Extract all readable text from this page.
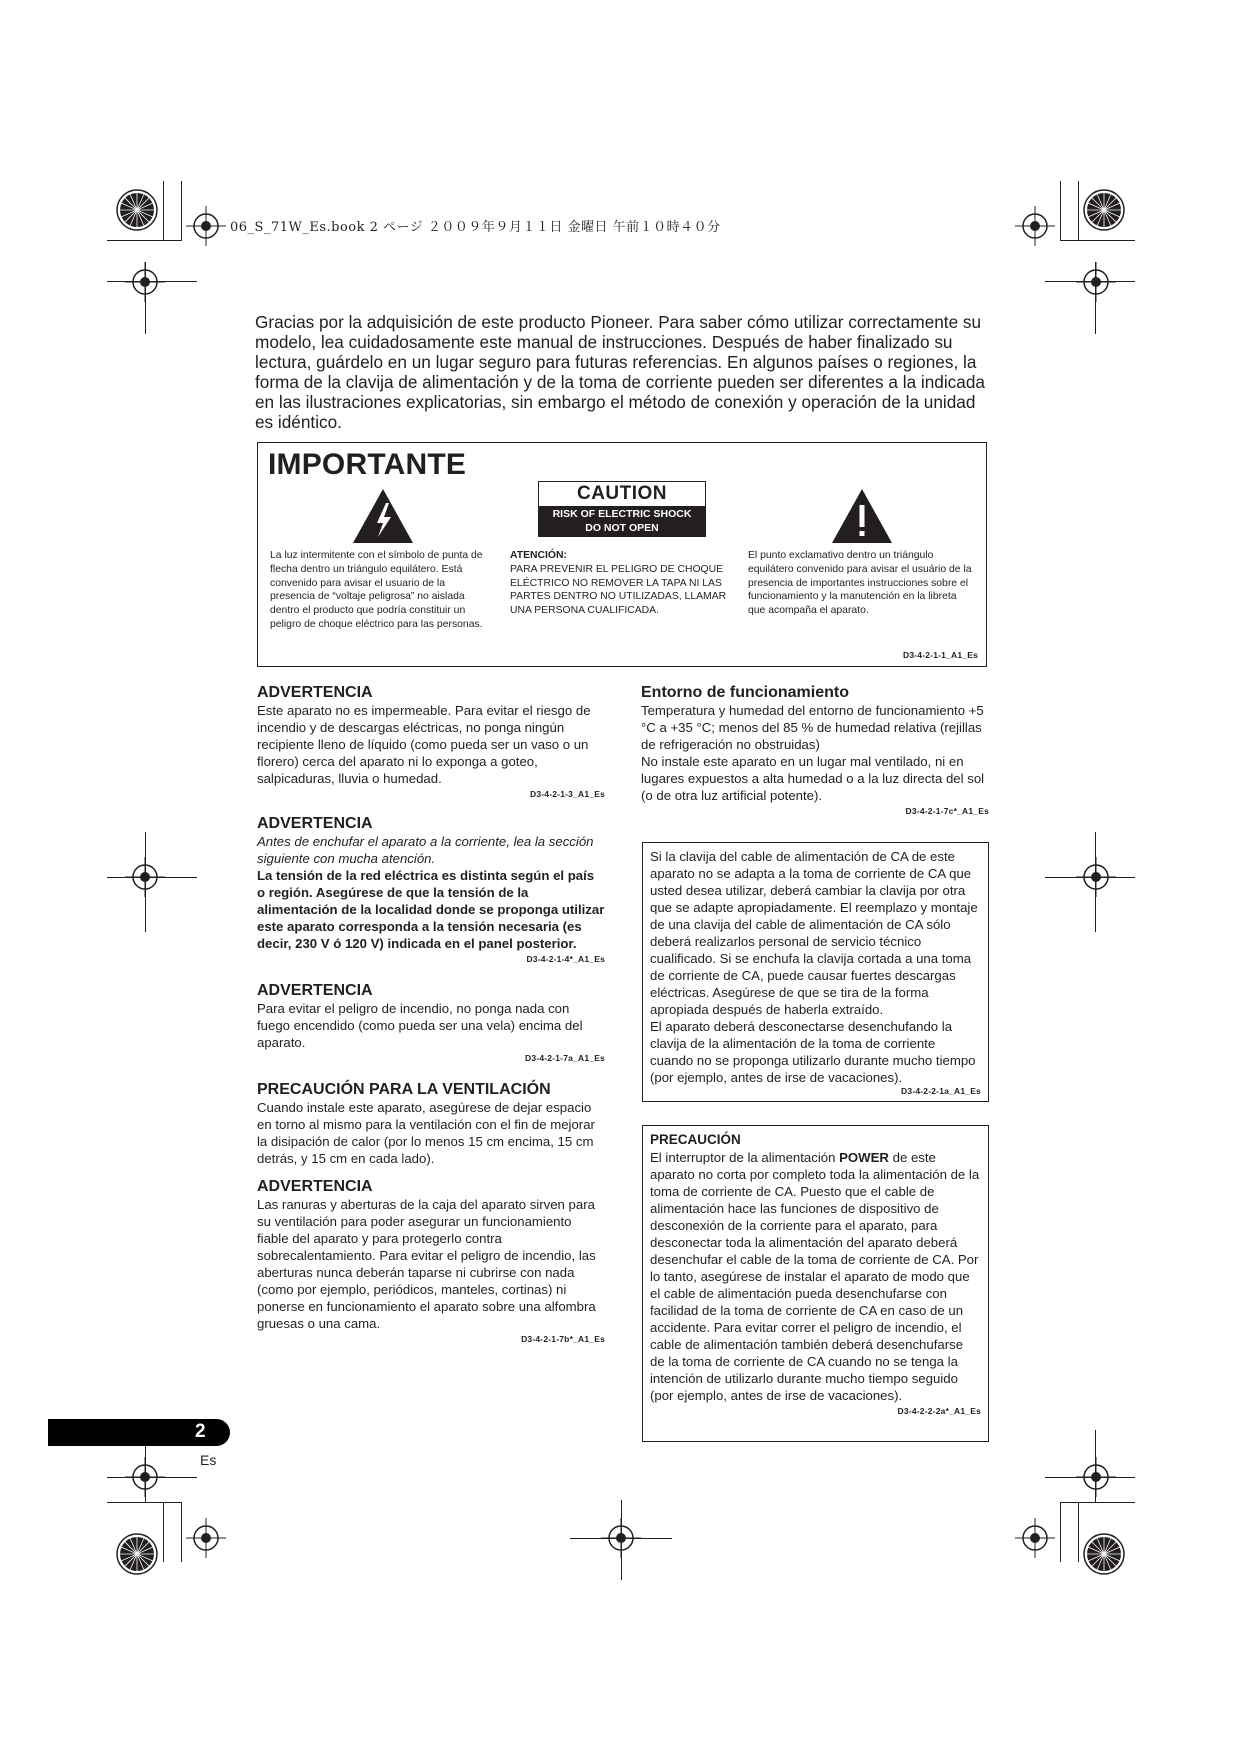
06_S_71W_Es.book 2 ページ ２００９年９月１１日 金曜日 午前１０時４０分

Gracias por la adquisición de este producto Pioneer. Para saber cómo utilizar correctamente su modelo, lea cuidadosamente este manual de instrucciones. Después de haber finalizado su lectura, guárdelo en un lugar seguro para futuras referencias. En algunos países o regiones, la forma de la clavija de alimentación y de la toma de corriente pueden ser diferentes a la indicada en las ilustraciones explicatorias, sin embargo el método de conexión y operación de la unidad es idéntico.

IMPORTANTE
CAUTION
RISK OF ELECTRIC SHOCK
DO NOT OPEN
La luz intermitente con el símbolo de punta de flecha dentro un triángulo equilátero. Está convenido para avisar el usuario de la presencia de “voltaje peligrosa” no aislada dentro el producto que podría constituir un peligro de choque eléctrico para las personas.
ATENCIÓN:
PARA PREVENIR EL PELIGRO DE CHOQUE ELÉCTRICO NO REMOVER LA TAPA NI LAS PARTES DENTRO NO UTILIZADAS, LLAMAR UNA PERSONA CUALIFICADA.
El punto exclamativo dentro un triángulo equilátero convenido para avisar el usuário de la presencia de importantes instrucciones sobre el funcionamiento y la manutención en la libreta que acompaña el aparato.
D3-4-2-1-1_A1_Es
ADVERTENCIA

Este aparato no es impermeable. Para evitar el riesgo de incendio y de descargas eléctricas, no ponga ningún recipiente lleno de líquido (como pueda ser un vaso o un florero) cerca del aparato ni lo exponga a goteo, salpicaduras, lluvia o humedad.

D3-4-2-1-3_A1_Es
ADVERTENCIA

Antes de enchufar el aparato a la corriente, lea la sección siguiente con mucha atención.

La tensión de la red eléctrica es distinta según el país o región. Asegúrese de que la tensión de la alimentación de la localidad donde se proponga utilizar este aparato corresponda a la tensión necesaria (es decir, 230 V ó 120 V) indicada en el panel posterior.

D3-4-2-1-4*_A1_Es
ADVERTENCIA

Para evitar el peligro de incendio, no ponga nada con fuego encendido (como pueda ser una vela) encima del aparato.

D3-4-2-1-7a_A1_Es
PRECAUCIÓN PARA LA VENTILACIÓN

Cuando instale este aparato, asegúrese de dejar espacio en torno al mismo para la ventilación con el fin de mejorar la disipación de calor (por lo menos 15 cm encima, 15 cm detrás, y 15 cm en cada lado).

ADVERTENCIA

Las ranuras y aberturas de la caja del aparato sirven para su ventilación para poder asegurar un funcionamiento fiable del aparato y para protegerlo contra sobrecalentamiento. Para evitar el peligro de incendio, las aberturas nunca deberán taparse ni cubrirse con nada (como por ejemplo, periódicos, manteles, cortinas) ni ponerse en funcionamiento el aparato sobre una alfombra gruesas o una cama.

D3-4-2-1-7b*_A1_Es
Entorno de funcionamiento

Temperatura y humedad del entorno de funcionamiento +5 °C a +35 °C; menos del 85 % de humedad relativa (rejillas de refrigeración no obstruidas)

No instale este aparato en un lugar mal ventilado, ni en lugares expuestos a alta humedad o a la luz directa del sol (o de otra luz artificial potente).

D3-4-2-1-7c*_A1_Es

Si la clavija del cable de alimentación de CA de este aparato no se adapta a la toma de corriente de CA que usted desea utilizar, deberá cambiar la clavija por otra que se adapte apropiadamente. El reemplazo y montaje de una clavija del cable de alimentación de CA sólo deberá realizarlos personal de servicio técnico cualificado. Si se enchufa la clavija cortada a una toma de corriente de CA, puede causar fuertes descargas eléctricas. Asegúrese de que se tira de la forma apropiada después de haberla extraído.

El aparato deberá desconectarse desenchufando la clavija de la alimentación de la toma de corriente cuando no se proponga utilizarlo durante mucho tiempo (por ejemplo, antes de irse de vacaciones).

D3-4-2-2-1a_A1_Es
PRECAUCIÓN

El interruptor de la alimentación POWER de este aparato no corta por completo toda la alimentación de la toma de corriente de CA. Puesto que el cable de alimentación hace las funciones de dispositivo de desconexión de la corriente para el aparato, para desconectar toda la alimentación del aparato deberá desenchufar el cable de la toma de corriente de CA. Por lo tanto, asegúrese de instalar el aparato de modo que el cable de alimentación pueda desenchufarse con facilidad de la toma de corriente de CA en caso de un accidente. Para evitar correr el peligro de incendio, el cable de alimentación también deberá desenchufarse de la toma de corriente de CA cuando no se tenga la intención de utilizarlo durante mucho tiempo seguido (por ejemplo, antes de irse de vacaciones).

D3-4-2-2-2a*_A1_Es
2
Es
